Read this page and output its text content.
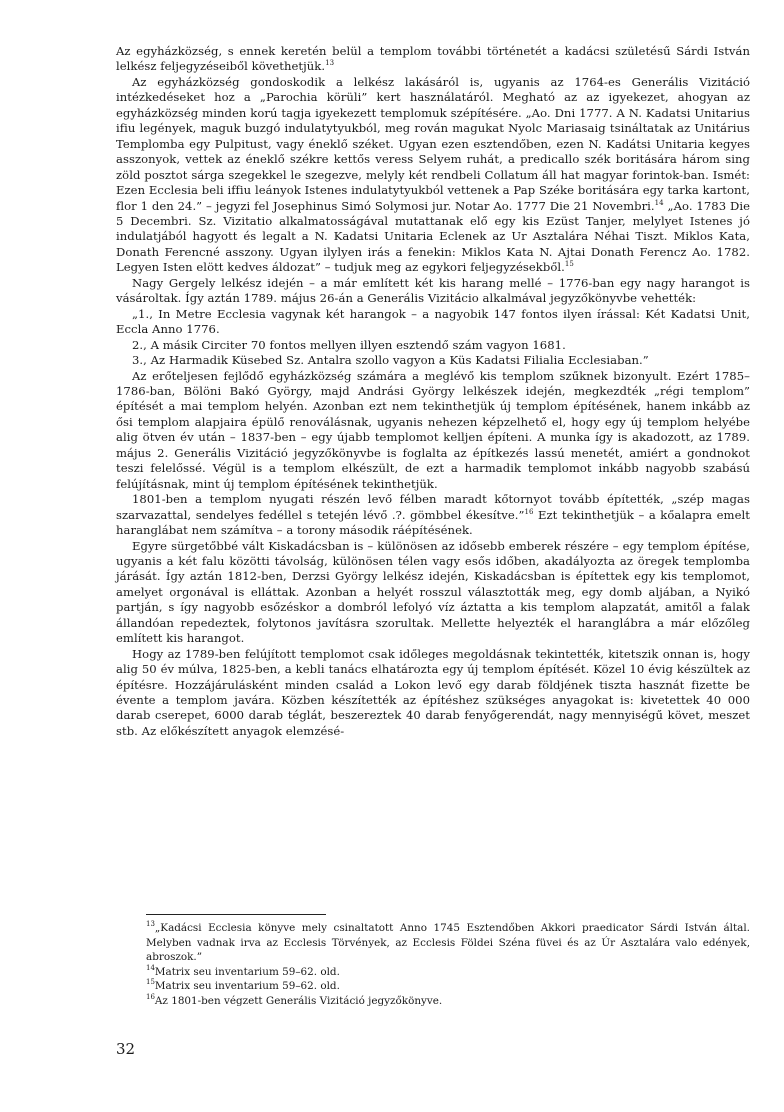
Az egyházközség, s ennek keretén belül a templom további történetét a kadácsi születésű Sárdi István lelkész feljegyzéseiből követhetjük.$^{13}$

Az egyházközség gondoskodik a lelkész lakásáról is, ugyanis az 1764-es Generális Vizitáció intézkedéseket hoz a „Parochia körüli” kert használatáról. Megható az az igyekezet, ahogyan az egyházközség minden korú tagja igyekezett templomuk szépítésére. „Ao. Dni 1777. A N. Kadatsi Unitarius ifiu legények, maguk buzgó indulatytyukból, meg rován magukat Nyolc Mariasaig tsináltatak az Unitárius Templomba egy Pulpitust, vagy éneklő széket. Ugyan ezen esztendőben, ezen N. Kadátsi Unitaria kegyes asszonyok, vettek az éneklő székre kettős veress Selyem ruhát, a predicallo szék boritására három sing zöld posztot sárga szegekkel le szegezve, melyly két rendbeli Collatum áll hat magyar forintok-ban. Ismét: Ezen Ecclesia beli iffiu leányok Istenes indulatytyukból vettenek a Pap Széke boritására egy tarka kartont, flor 1 den 24.” – jegyzi fel Josephinus Simó Solymosi jur. Notar Ao. 1777 Die 21 Novembri.$^{14}$ „Ao. 1783 Die 5 Decembri. Sz. Vizitatio alkalmatosságával mutattanak elő egy kis Ezüst Tanjer, melylyet Istenes jó indulatjából hagyott és legalt a N. Kadatsi Unitaria Eclenek az Ur Asztalára Néhai Tiszt. Miklos Kata, Donath Ferencné asszony. Ugyan ilylyen irás a fenekin: Miklos Kata N. Ajtai Donath Ferencz Ao. 1782. Legyen Isten elött kedves áldozat” – tudjuk meg az egykori feljegyzésekből.$^{15}$

Nagy Gergely lelkész idején – a már említett két kis harang mellé – 1776-ban egy nagy harangot is vásároltak. Így aztán 1789. május 26-án a Generális Vizitácio alkalmával jegyzőkönyvbe vehették:

„1., In Metre Ecclesia vagynak két harangok – a nagyobik 147 fontos ilyen írással: Két Kadatsi Unit, Eccla Anno 1776.

2., A másik Circiter 70 fontos mellyen illyen esztendő szám vagyon 1681.

3., Az Harmadik Küsebed Sz. Antalra szollo vagyon a Küs Kadatsi Filialia Ecclesiaban.”

Az erőteljesen fejlődő egyházközség számára a meglévő kis templom szűknek bizonyult. Ezért 1785–1786-ban, Bölöni Bakó György, majd Andrási György lelkészek idején, megkezdték „régi templom” építését a mai templom helyén. Azonban ezt nem tekinthetjük új templom építésének, hanem inkább az ősi templom alapjaira épülő renoválásnak, ugyanis nehezen képzelhető el, hogy egy új templom helyébe alig ötven év után – 1837-ben – egy újabb templomot kelljen építeni. A munka így is akadozott, az 1789. május 2. Generális Vizitáció jegyzőkönyvbe is foglalta az építkezés lassú menetét, amiért a gondnokot teszi felelőssé. Végül is a templom elkészült, de ezt a harmadik templomot inkább nagyobb szabású felújításnak, mint új templom építésének tekinthetjük.

1801-ben a templom nyugati részén levő félben maradt kőtornyot tovább építették, „szép magas szarvazattal, sendelyes fedéllel s tetején lévő .?. gömbbel ékesítve.”$^{16}$ Ezt tekinthetjük – a kőalapra emelt haranglábat nem számítva – a torony második ráépítésének.

Egyre sürgetőbbé vált Kiskadácsban is – különösen az idősebb emberek részére – egy templom építése, ugyanis a két falu közötti távolság, különösen télen vagy esős időben, akadályozta az öregek templomba járását. Így aztán 1812-ben, Derzsi György lelkész idején, Kiskadácsban is építettek egy kis templomot, amelyet orgonával is elláttak. Azonban a helyét rosszul választották meg, egy domb aljában, a Nyikó partján, s így nagyobb esőzéskor a dombról lefolyó víz áztatta a kis templom alapzatát, amitől a falak állandóan repedeztek, folytonos javításra szorultak. Mellette helyezték el haranglábra a már előzőleg említett kis harangot.

Hogy az 1789-ben felújított templomot csak időleges megoldásnak tekintették, kitetszik onnan is, hogy alig 50 év múlva, 1825-ben, a kebli tanács elhatározta egy új templom építését. Közel 10 évig készültek az építésre. Hozzájárulásként minden család a Lokon levő egy darab földjének tiszta hasznát fizette be évente a templom javára. Közben készítették az építéshez szükséges anyagokat is: kivetettek 40 000 darab cserepet, 6000 darab téglát, beszereztek 40 darab fenyőgerendát, nagy mennyiségű követ, meszet stb. Az előkészített anyagok elemzésé-

$^{13}$„Kadácsi Ecclesia könyve mely csinaltatott Anno 1745 Esztendőben Akkori praedicator Sárdi István által. Melyben vadnak irva az Ecclesis Törvények, az Ecclesis Földei Széna füvei és az Úr Asztalára valo edények, abroszok.”

$^{14}$Matrix seu inventarium 59–62. old.

$^{15}$Matrix seu inventarium 59–62. old.

$^{16}$Az 1801-ben végzett Generális Vizitáció jegyzőkönyve.

32
